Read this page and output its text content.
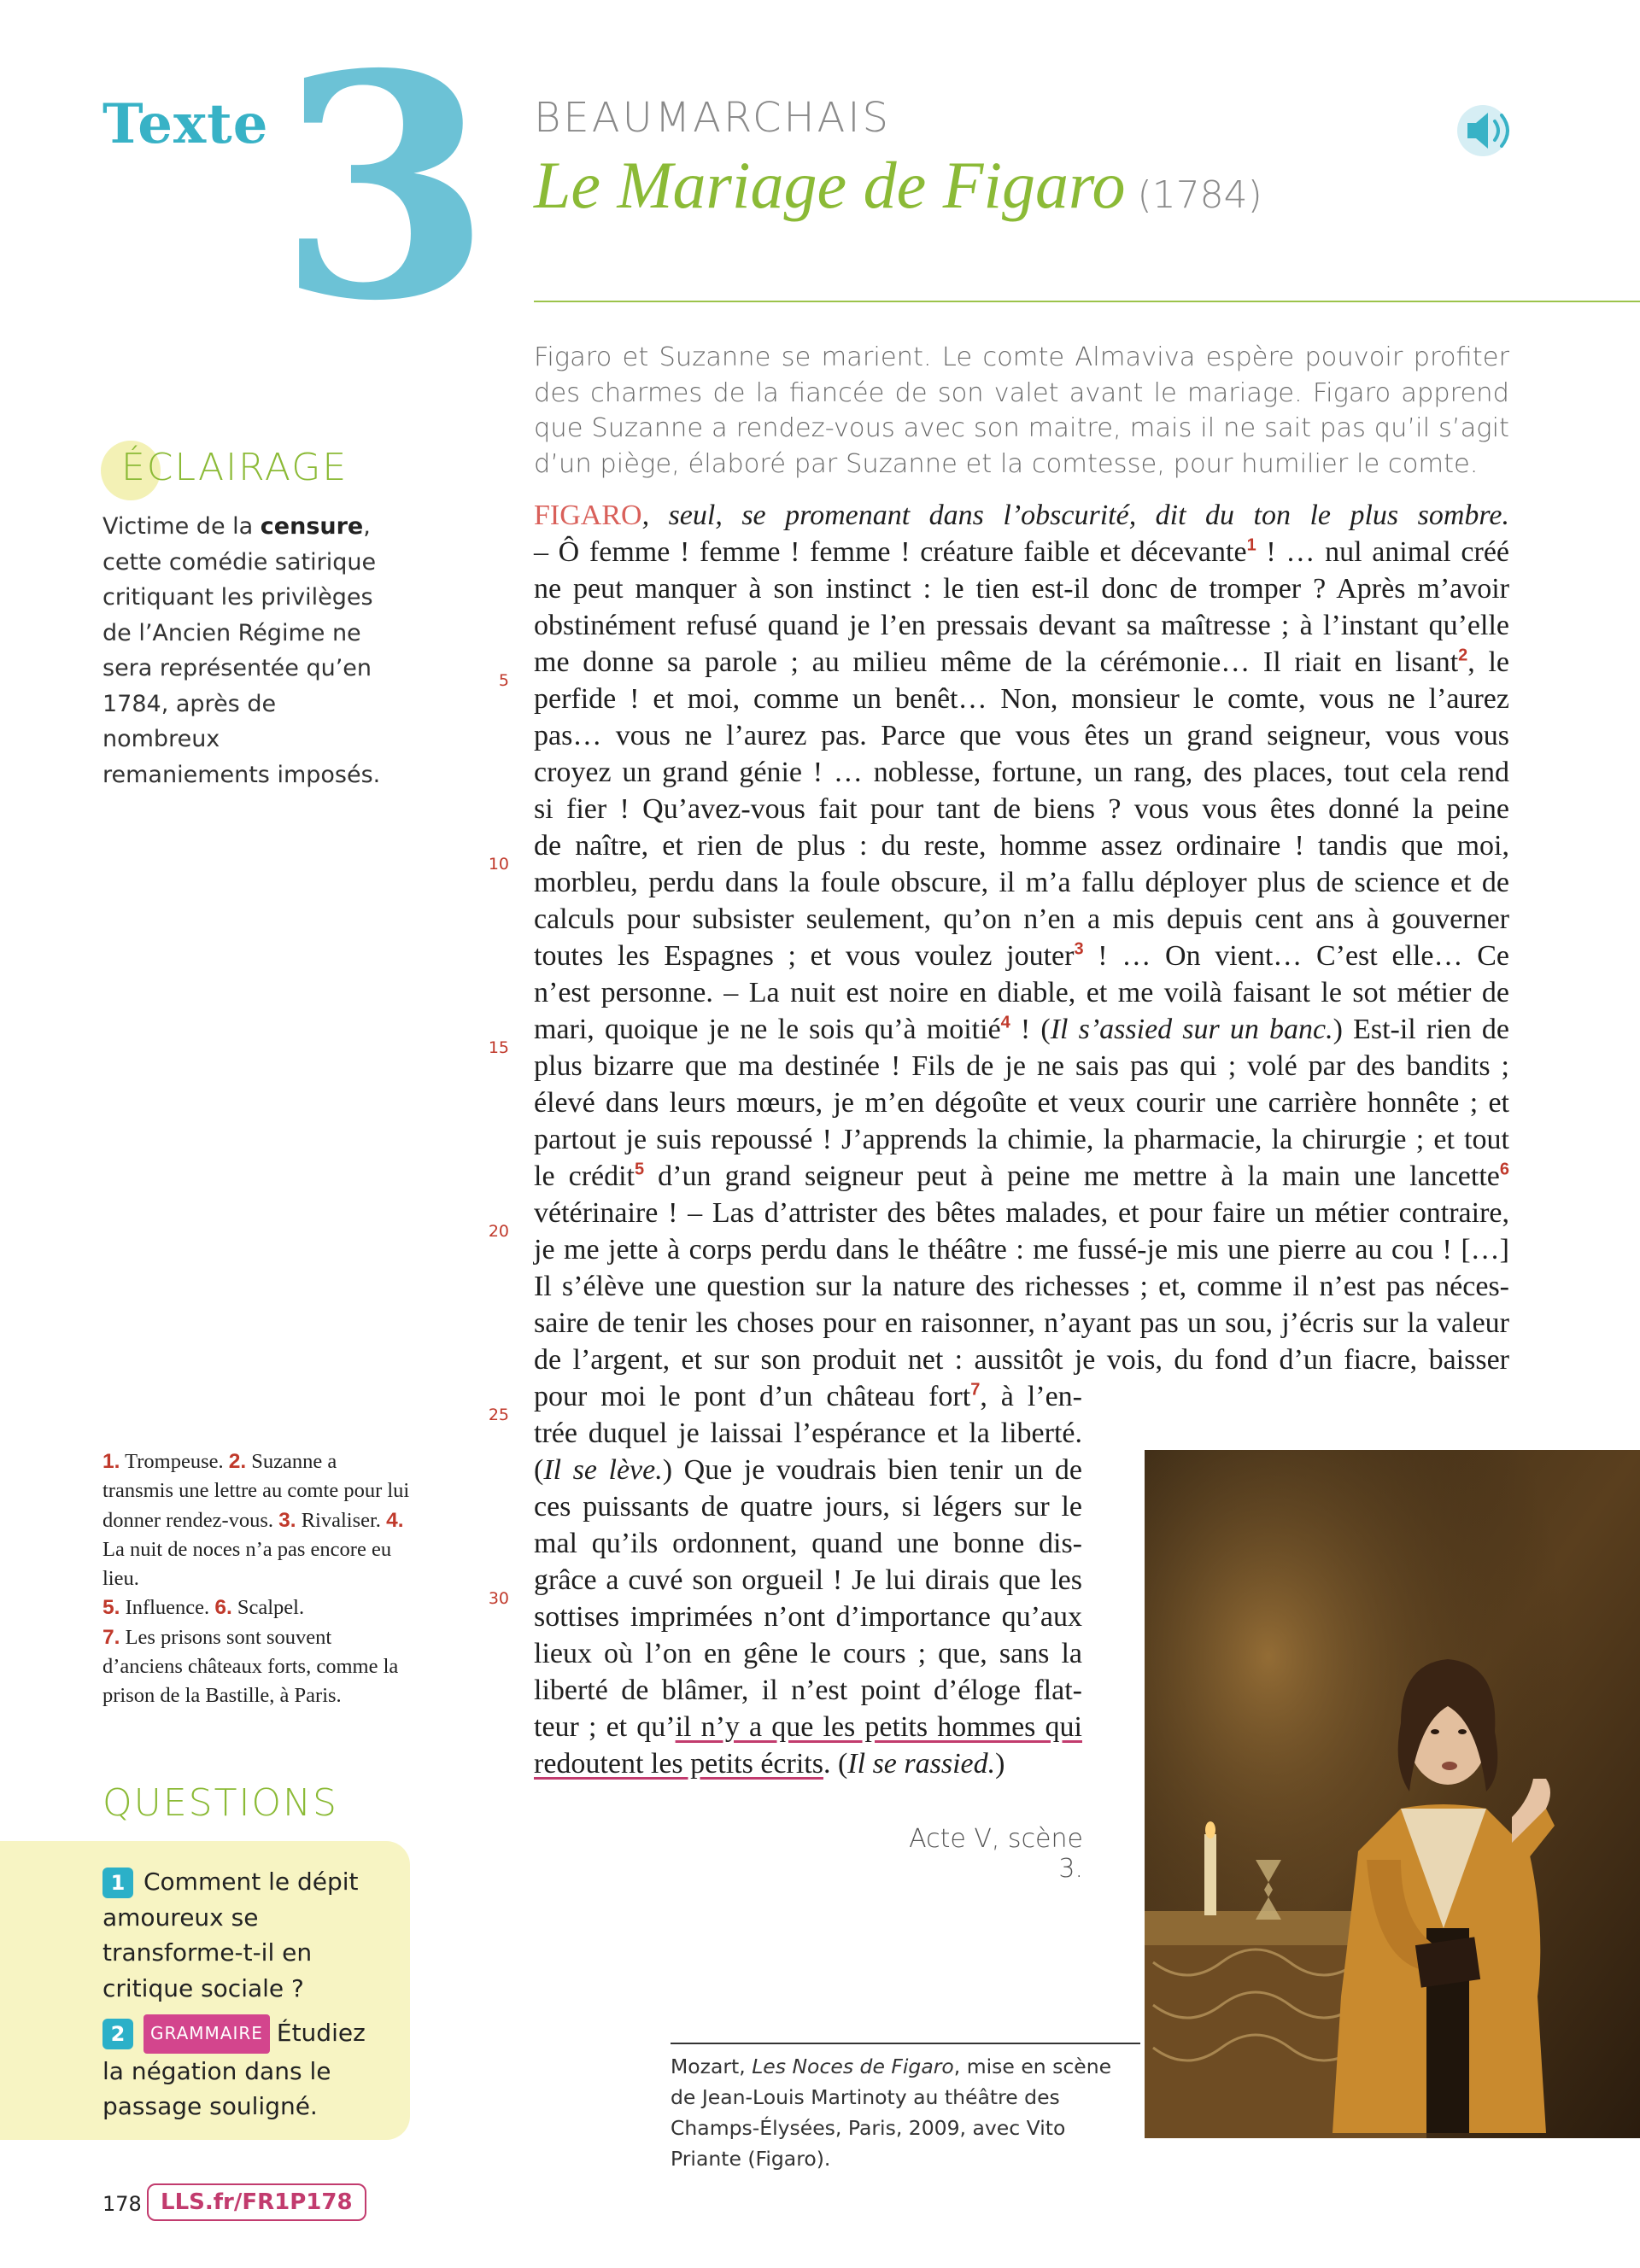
Texte 3 BEAUMARCHAIS
Le Mariage de Figaro (1784)
Figaro et Suzanne se marient. Le comte Almaviva espère pouvoir profiter des charmes de la fiancée de son valet avant le mariage. Figaro apprend que Suzanne a rendez-vous avec son maitre, mais il ne sait pas qu’il s’agit d’un piège, élaboré par Suzanne et la comtesse, pour humilier le comte.
ÉCLAIRAGE
Victime de la censure, cette comédie satirique critiquant les privilèges de l’Ancien Régime ne sera représentée qu’en 1784, après de nombreux remaniements imposés.
1. Trompeuse. 2. Suzanne a transmis une lettre au comte pour lui donner rendez-vous. 3. Rivaliser. 4. La nuit de noces n’a pas encore eu lieu.
5. Influence. 6. Scalpel.
7. Les prisons sont souvent d’anciens châteaux forts, comme la prison de la Bastille, à Paris.
QUESTIONS
1 Comment le dépit amoureux se transforme-t-il en critique sociale ?
2 GRAMMAIRE Étudiez la négation dans le passage souligné.
FIGARO, seul, se promenant dans l’obscurité, dit du ton le plus sombre.
– Ô femme ! femme ! femme ! créature faible et décevante$^1$ ! … nul animal créé
ne peut manquer à son instinct : le tien est-il donc de tromper ? Après m’avoir
obstinément refusé quand je l’en pressais devant sa maîtresse ; à l’instant qu’elle
me donne sa parole ; au milieu même de la cérémonie… Il riait en lisant$^2$, le
perfide ! et moi, comme un benêt… Non, monsieur le comte, vous ne l’aurez
pas… vous ne l’aurez pas. Parce que vous êtes un grand seigneur, vous vous
croyez un grand génie ! … noblesse, fortune, un rang, des places, tout cela rend
si fier ! Qu’avez-vous fait pour tant de biens ? vous vous êtes donné la peine
de naître, et rien de plus : du reste, homme assez ordinaire ! tandis que moi,
morbleu, perdu dans la foule obscure, il m’a fallu déployer plus de science et de
calculs pour subsister seulement, qu’on n’en a mis depuis cent ans à gouverner
toutes les Espagnes ; et vous voulez jouter$^3$ ! … On vient… C’est elle… Ce
n’est personne. – La nuit est noire en diable, et me voilà faisant le sot métier de
mari, quoique je ne le sois qu’à moitié$^4$ ! (Il s’assied sur un banc.) Est-il rien de
plus bizarre que ma destinée ! Fils de je ne sais pas qui ; volé par des bandits ;
élevé dans leurs mœurs, je m’en dégoûte et veux courir une carrière honnête ; et
partout je suis repoussé ! J’apprends la chimie, la pharmacie, la chirurgie ; et tout
le crédit$^5$ d’un grand seigneur peut à peine me mettre à la main une lancette$^6$
vétérinaire ! – Las d’attrister des bêtes malades, et pour faire un métier contraire,
je me jette à corps perdu dans le théâtre : me fussé-je mis une pierre au cou ! […]
Il s’élève une question sur la nature des richesses ; et, comme il n’est pas néces-
saire de tenir les choses pour en raisonner, n’ayant pas un sou, j’écris sur la valeur
de l’argent, et sur son produit net : aussitôt je vois, du fond d’un fiacre, baisser
pour moi le pont d’un château fort$^7$, à l’en-
trée duquel je laissai l’espérance et la liberté.
(Il se lève.) Que je voudrais bien tenir un de
ces puissants de quatre jours, si légers sur le
mal qu’ils ordonnent, quand une bonne dis-
grâce a cuvé son orgueil ! Je lui dirais que les
sottises imprimées n’ont d’importance qu’aux
lieux où l’on en gêne le cours ; que, sans la
liberté de blâmer, il n’est point d’éloge flat-
teur ; et qu’il n’y a que les petits hommes qui
redoutent les petits écrits. (Il se rassied.)
5
10
15
20
25
30
Acte V, scène 3.
Mozart, Les Noces de Figaro, mise en scène de Jean-Louis Martinoty au théâtre des Champs-Élysées, Paris, 2009, avec Vito Priante (Figaro).
178 LLS.fr/FR1P178
